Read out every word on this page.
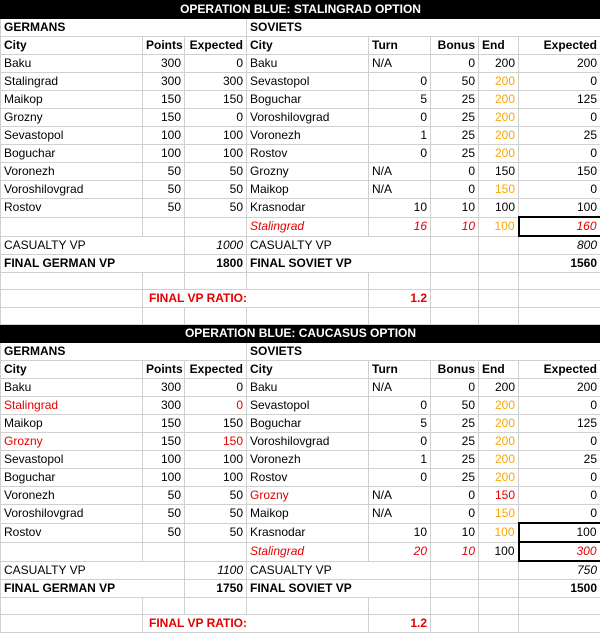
OPERATION BLUE: STALINGRAD OPTION							
GERMANS			SOVIETS				
City	Points	Expected	City	Turn	Bonus	End	Expected
Baku	300	0	Baku	N/A	0	200	200
Stalingrad	300	300	Sevastopol	0	50	200	0
Maikop	150	150	Boguchar	5	25	200	125
Grozny	150	0	Voroshilovgrad	0	25	200	0
Sevastopol	100	100	Voronezh	1	25	200	25
Boguchar	100	100	Rostov	0	25	200	0
Voronezh	50	50	Grozny	N/A	0	150	150
Voroshilovgrad	50	50	Maikop	N/A	0	150	0
Rostov	50	50	Krasnodar	10	10	100	100
			Stalingrad	16	10	100	160
CASUALTY VP		1000	CASUALTY VP				800
FINAL GERMAN VP		1800	FINAL SOVIET VP				1560

	FINAL VP RATIO:			1.2			

OPERATION BLUE: CAUCASUS OPTION							
GERMANS			SOVIETS				
City	Points	Expected	City	Turn	Bonus	End	Expected
Baku	300	0	Baku	N/A	0	200	200
Stalingrad	300	0	Sevastopol	0	50	200	0
Maikop	150	150	Boguchar	5	25	200	125
Grozny	150	150	Voroshilovgrad	0	25	200	0
Sevastopol	100	100	Voronezh	1	25	200	25
Boguchar	100	100	Rostov	0	25	200	0
Voronezh	50	50	Grozny	N/A	0	150	0
Voroshilovgrad	50	50	Maikop	N/A	0	150	0
Rostov	50	50	Krasnodar	10	10	100	100
			Stalingrad	20	10	100	300
CASUALTY VP		1100	CASUALTY VP				750
FINAL GERMAN VP		1750	FINAL SOVIET VP				1500

	FINAL VP RATIO:			1.2			
